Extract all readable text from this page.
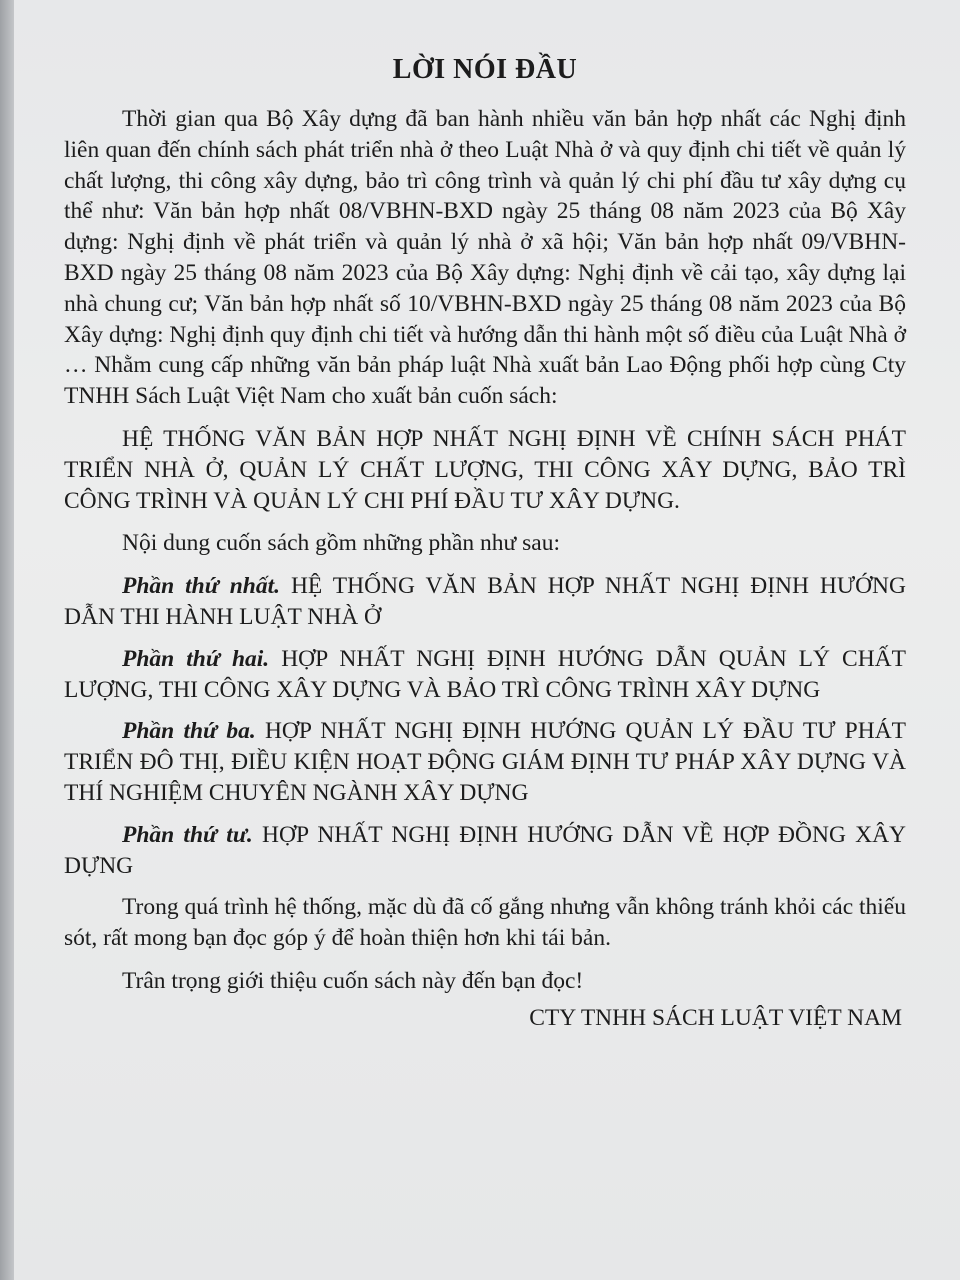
LỜI NÓI ĐẦU

Thời gian qua Bộ Xây dựng đã ban hành nhiều văn bản hợp nhất các Nghị định liên quan đến chính sách phát triển nhà ở theo Luật Nhà ở và quy định chi tiết về quản lý chất lượng, thi công xây dựng, bảo trì công trình và quản lý chi phí đầu tư xây dựng cụ thể như: Văn bản hợp nhất 08/VBHN-BXD ngày 25 tháng 08 năm 2023 của Bộ Xây dựng: Nghị định về phát triển và quản lý nhà ở xã hội; Văn bản hợp nhất 09/VBHN-BXD ngày 25 tháng 08 năm 2023 của Bộ Xây dựng: Nghị định về cải tạo, xây dựng lại nhà chung cư; Văn bản hợp nhất số 10/VBHN-BXD ngày 25 tháng 08 năm 2023 của Bộ Xây dựng: Nghị định quy định chi tiết và hướng dẫn thi hành một số điều của Luật Nhà ở … Nhằm cung cấp những văn bản pháp luật Nhà xuất bản Lao Động phối hợp cùng Cty TNHH Sách Luật Việt Nam cho xuất bản cuốn sách:

HỆ THỐNG VĂN BẢN HỢP NHẤT NGHỊ ĐỊNH VỀ CHÍNH SÁCH PHÁT TRIỂN NHÀ Ở, QUẢN LÝ CHẤT LƯỢNG, THI CÔNG XÂY DỰNG, BẢO TRÌ CÔNG TRÌNH VÀ QUẢN LÝ CHI PHÍ ĐẦU TƯ XÂY DỰNG.

Nội dung cuốn sách gồm những phần như sau:

Phần thứ nhất. HỆ THỐNG VĂN BẢN HỢP NHẤT NGHỊ ĐỊNH HƯỚNG DẪN THI HÀNH LUẬT NHÀ Ở

Phần thứ hai. HỢP NHẤT NGHỊ ĐỊNH HƯỚNG DẪN QUẢN LÝ CHẤT LƯỢNG, THI CÔNG XÂY DỰNG VÀ BẢO TRÌ CÔNG TRÌNH XÂY DỰNG

Phần thứ ba. HỢP NHẤT NGHỊ ĐỊNH HƯỚNG QUẢN LÝ ĐẦU TƯ PHÁT TRIỂN ĐÔ THỊ, ĐIỀU KIỆN HOẠT ĐỘNG GIÁM ĐỊNH TƯ PHÁP XÂY DỰNG VÀ THÍ NGHIỆM CHUYÊN NGÀNH XÂY DỰNG

Phần thứ tư. HỢP NHẤT NGHỊ ĐỊNH HƯỚNG DẪN VỀ HỢP ĐỒNG XÂY DỰNG

Trong quá trình hệ thống, mặc dù đã cố gắng nhưng vẫn không tránh khỏi các thiếu sót, rất mong bạn đọc góp ý để hoàn thiện hơn khi tái bản.

Trân trọng giới thiệu cuốn sách này đến bạn đọc!

CTY TNHH SÁCH LUẬT VIỆT NAM
